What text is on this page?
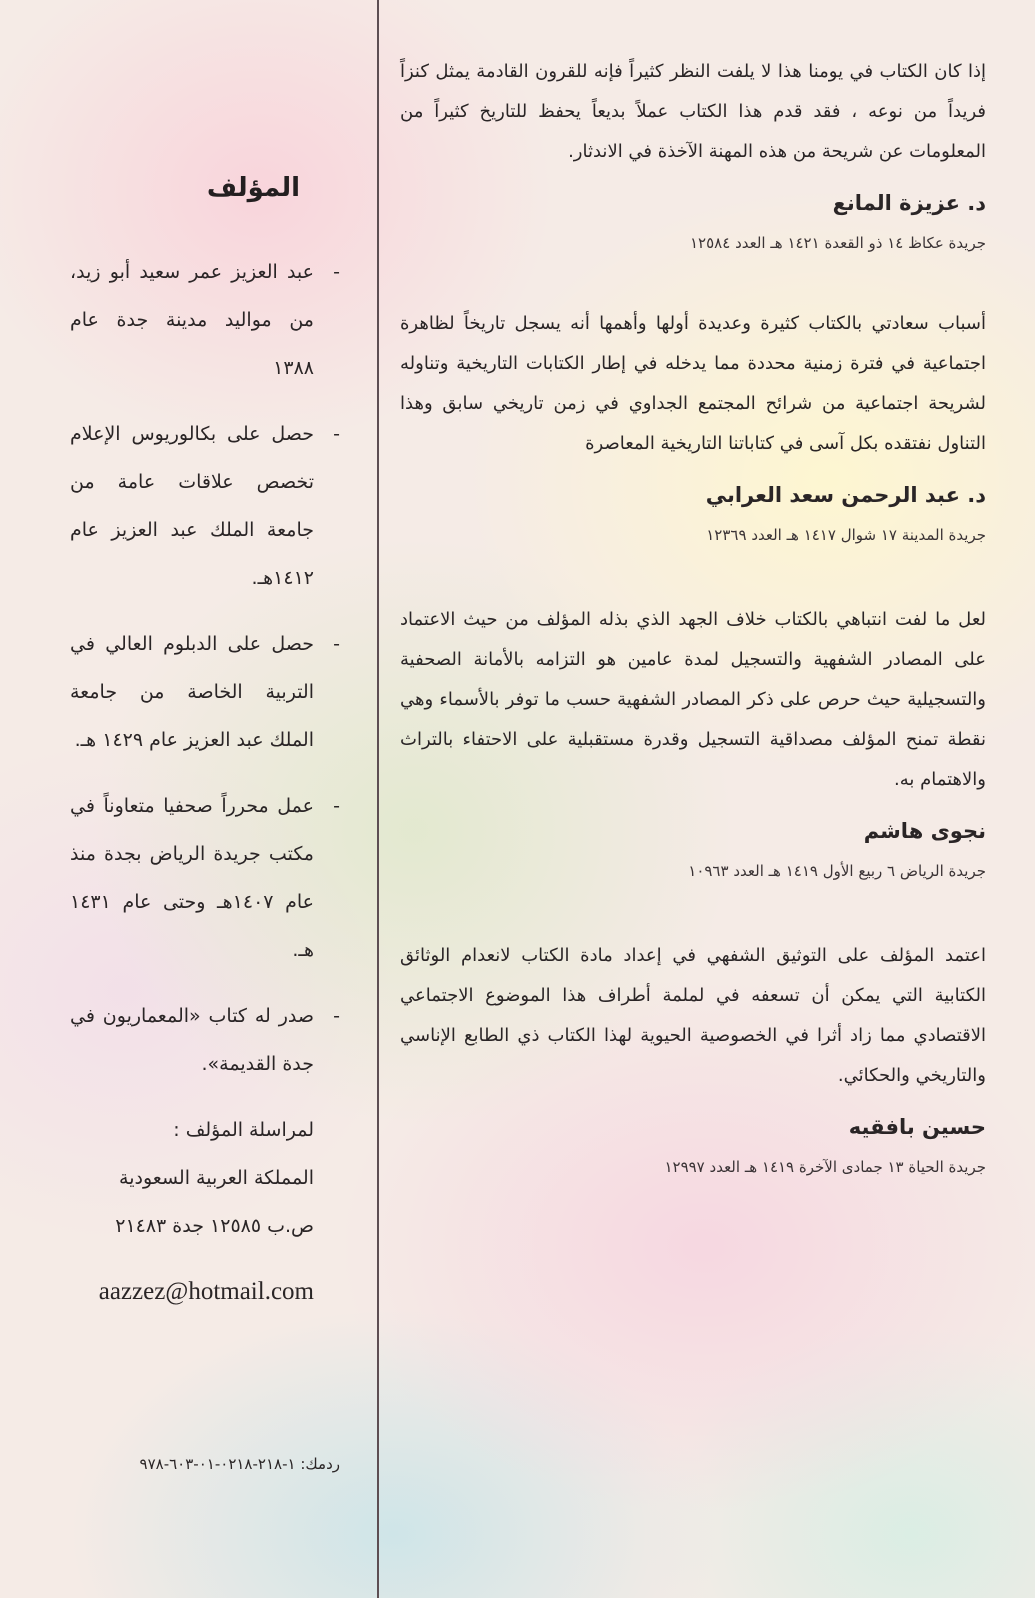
إذا كان الكتاب في يومنا هذا لا يلفت النظر كثيراً فإنه للقرون القادمة يمثل كنزاً فريداً من نوعه ، فقد قدم هذا الكتاب عملاً بديعاً يحفظ للتاريخ كثيراً من المعلومات عن شريحة من هذه المهنة الآخذة في الاندثار.

د. عزيزة المانع

جريدة عكاظ ١٤ ذو القعدة ١٤٢١ هـ العدد ١٢٥٨٤

أسباب سعادتي بالكتاب كثيرة وعديدة أولها وأهمها أنه يسجل تاريخاً لظاهرة اجتماعية في فترة زمنية محددة مما يدخله في إطار الكتابات التاريخية وتناوله لشريحة اجتماعية من شرائح المجتمع الجداوي في زمن تاريخي سابق وهذا التناول نفتقده بكل آسى في كتاباتنا التاريخية المعاصرة

د. عبد الرحمن سعد العرابي

جريدة المدينة ١٧ شوال ١٤١٧ هـ العدد ١٢٣٦٩

لعل ما لفت انتباهي بالكتاب خلاف الجهد الذي بذله المؤلف من حيث الاعتماد على المصادر الشفهية والتسجيل لمدة عامين هو التزامه بالأمانة الصحفية والتسجيلية حيث حرص على ذكر المصادر الشفهية حسب ما توفر بالأسماء وهي نقطة تمنح المؤلف مصداقية التسجيل وقدرة مستقبلية على الاحتفاء بالتراث والاهتمام به.

نجوى هاشم

جريدة الرياض ٦ ربيع الأول ١٤١٩ هـ العدد ١٠٩٦٣

اعتمد المؤلف على التوثيق الشفهي في إعداد مادة الكتاب لانعدام الوثائق الكتابية التي يمكن أن تسعفه في لملمة أطراف هذا الموضوع الاجتماعي الاقتصادي مما زاد أثرا في الخصوصية الحيوية لهذا الكتاب ذي الطابع الإناسي والتاريخي والحكائي.

حسين بافقيه

جريدة الحياة ١٣ جمادى الآخرة ١٤١٩ هـ العدد ١٢٩٩٧

المؤلف
-
عبد العزيز عمر سعيد أبو زيد، من مواليد مدينة جدة عام ١٣٨٨
-
حصل على بكالوريوس الإعلام تخصص علاقات عامة من جامعة الملك عبد العزيز عام ١٤١٢هـ.
-
حصل على الدبلوم العالي في التربية الخاصة من جامعة الملك عبد العزيز عام ١٤٢٩ هـ.
-
عمل محرراً صحفيا متعاوناً في مكتب جريدة الرياض بجدة منذ عام ١٤٠٧هـ وحتى عام ١٤٣١ هـ.
-
صدر له كتاب «المعماريون في جدة القديمة».

لمراسلة المؤلف :

المملكة العربية السعودية

ص.ب ١٢٥٨٥ جدة ٢١٤٨٣

aazzez@hotmail.com

ردمك: ١-٢١٨-٠٢١٨-٠١-٦٠٣-٩٧٨
